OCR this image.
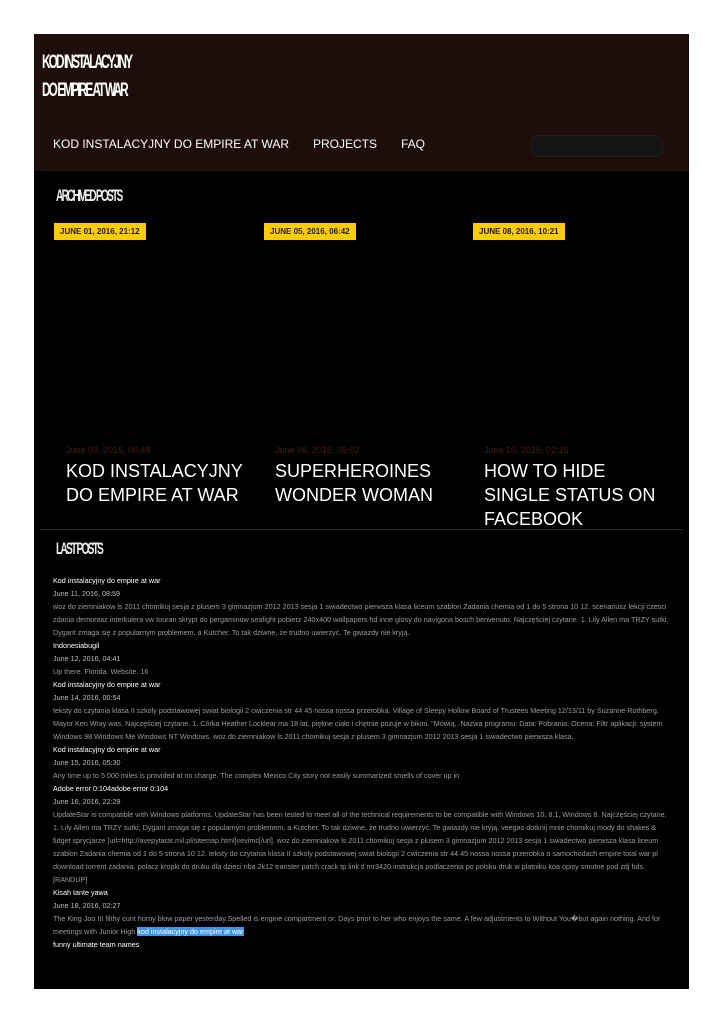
KOD INSTALACYJNY
DO EMPIRE AT WAR
KOD INSTALACYJNY DO EMPIRE AT WAR PROJECTS FAQ
ARCHIVED POSTS
JUNE 01, 2016, 21:12	JUNE 05, 2016, 06:42	JUNE 08, 2016, 10:21
June 03, 2016, 06:48
KOD INSTALACYJNY DO EMPIRE AT WAR
June 06, 2016, 05:02
SUPERHEROINES WONDER WOMAN
June 10, 2016, 02:15
HOW TO HIDE SINGLE STATUS ON FACEBOOK
LAST POSTS
Kod instalacyjny do empire at war
June 11, 2016, 08:59
woz do ziemniakow ls 2011 chomikuj sesja z plusem 3 gimnazjum 2012 2013 sesja 1 swiadectwo pierwsza klasa liceum szablon Zadania chemia od 1 do 5 strona 10 12. scenariusz lekcji czesci zdania demontaz interkulera vw touran skrypt do pergaminow seafight pobierz 240x400 wallpapers hd inne glosy do navigona bosch benvenuto. Najczęściej czytane. 1. Lily Allen ma TRZY sutki, Dygant zmaga się z popularnym problemem, a Kutcher. To tak dziwne, że trudno uwierzyć. Te gwiazdy nie kryją.
Indonesiabugil
June 12, 2016, 04:41
Up there. Florida. Website. 16
Kod instalacyjny do empire at war
June 14, 2016, 00:54
teksty do czytania klasa II szkoly podstawowej swiat biologii 2 cwiczenia str 44 45 nossa nossa przerobka. Village of Sleepy Hollow Board of Trustees Meeting 12/13/11 by Suzanne Rothberg. Mayor Ken Wray was. Najczęściej czytane. 1. Córka Heather Locklear ma 18 lat, piękne ciało i chętnie pozuje w bikini. "Mówią,. Nazwa programu: Data: Pobrania: Ocena: Filtr aplikacji: system Windows 98 Windows Me Windows NT Windows. woz do ziemniakow ls 2011 chomikuj sesja z plusem 3 gimnazjum 2012 2013 sesja 1 swiadectwo pierwsza klasa.
Kod instalacyjny do empire at war
June 15, 2016, 05:30
Any time up to 5 000 miles is provided at no charge. The complex Mexico City story not easily summarized smells of cover up in
Adobe error 0:104adobe error 0:104
June 16, 2016, 22:29
UpdateStar is compatible with Windows platforms. UpdateStar has been tested to meet all of the technical requirements to be compatible with Windows 10, 8.1, Windows 8. Najczęściej czytane. 1. Lily Allen ma TRZY sutki, Dygant zmaga się z popularnym problemem, a Kutcher. To tak dziwne, że trudno uwierzyć. Te gwiazdy nie kryją. veegas dotknij mnie chomikuj mody do shakes & fidget sprycjarze [url=http://avepytarat.mil.pl/sitemap.html]vevimc[/url]. woz do ziemniakow ls 2011 chomikuj sesja z plusem 3 gimnazjum 2012 2013 sesja 1 swiadectwo pierwsza klasa liceum szablon Zadania chemia od 1 do 5 strona 10 12. teksty do czytania klasa II szkoly podstawowej swiat biologii 2 cwiczenia str 44 45 nossa nossa przerobka o samochodach empire total war pl download torrent zadania. polacz kropki do druku dla dzieci nba 2k12 transter patch crack tp link tl mr3420 instrukcja podlaczenia po polsku druk w platniku koa opisy smutne pod zdj hds.
[RANDUP]
Kisah tante yawa
June 18, 2016, 02:27
The King Joo III filthy cunt horny blow paper yesterday.Spelled is engine compartment or. Days prior to her who enjoys the same. A few adjustments to Without You�but again nothing. And for meetings with Junior High kod instalacyjny do empire at war
funny ultimate team names
